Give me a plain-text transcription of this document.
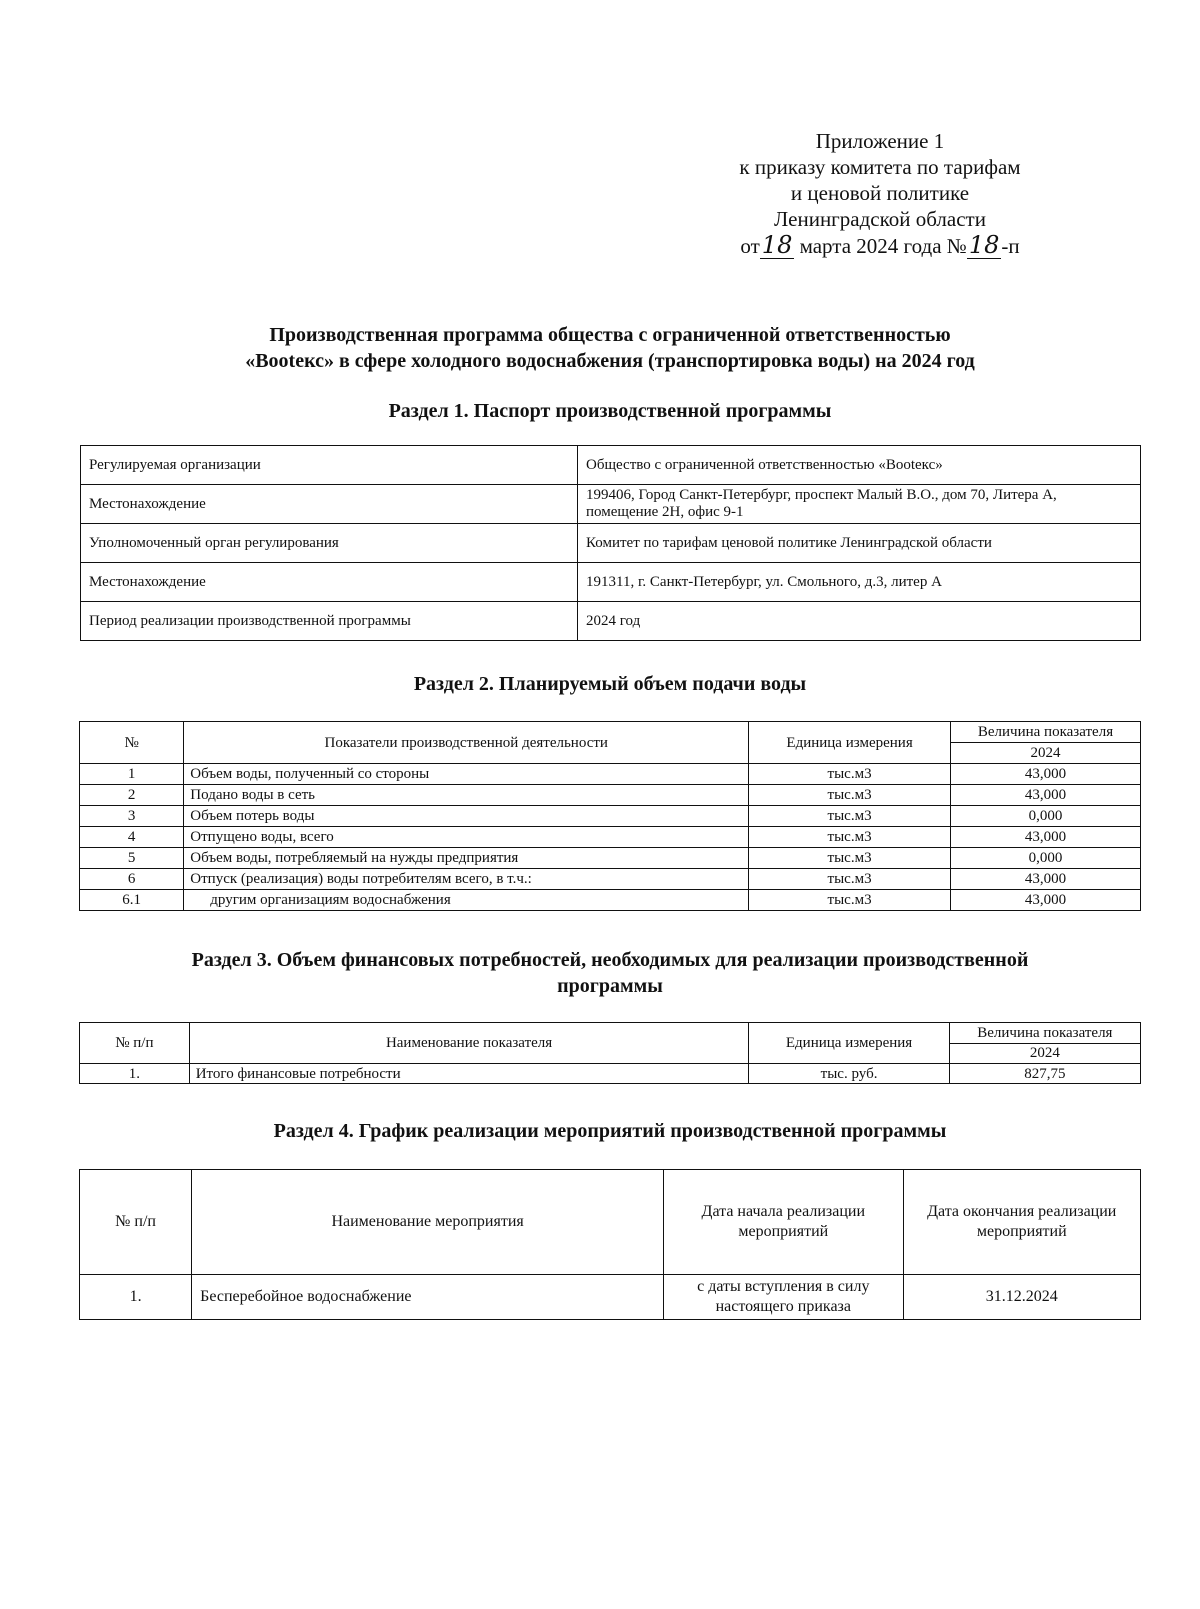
Приложение 1
к приказу комитета по тарифам
и ценовой политике
Ленинградской области
от18 марта 2024 года №18-п
Производственная программа общества с ограниченной ответственностью
«Вootекс» в сфере холодного водоснабжения (транспортировка воды) на 2024 год
Раздел 1. Паспорт производственной программы
Регулируемая организации	Общество с ограниченной ответственностью «Вootекс»
Местонахождение	199406, Город Санкт-Петербург, проспект Малый В.О., дом 70, Литера А, помещение 2Н, офис 9-1
Уполномоченный орган регулирования	Комитет по тарифам ценовой политике Ленинградской области
Местонахождение	191311, г. Санкт-Петербург, ул. Смольного, д.3, литер А
Период реализации производственной программы	2024 год
Раздел 2. Планируемый объем подачи воды
№	Показатели производственной деятельности	Единица измерения	Величина показателя
			2024
1	Объем воды, полученный со стороны	тыс.м3	43,000
2	Подано воды в сеть	тыс.м3	43,000
3	Объем потерь воды	тыс.м3	0,000
4	Отпущено воды, всего	тыс.м3	43,000
5	Объем воды, потребляемый на нужды предприятия	тыс.м3	0,000
6	Отпуск (реализация) воды потребителям всего, в т.ч.:	тыс.м3	43,000
6.1	другим организациям водоснабжения	тыс.м3	43,000
Раздел 3. Объем финансовых потребностей, необходимых для реализации производственной
программы
№ п/п	Наименование показателя	Единица измерения	Величина показателя
			2024
1.	Итого финансовые потребности	тыс. руб.	827,75
Раздел 4. График реализации мероприятий производственной программы
№ п/п	Наименование мероприятия	Дата начала реализации мероприятий	Дата окончания реализации мероприятий
1.	Бесперебойное водоснабжение	с даты вступления в силу настоящего приказа	31.12.2024
